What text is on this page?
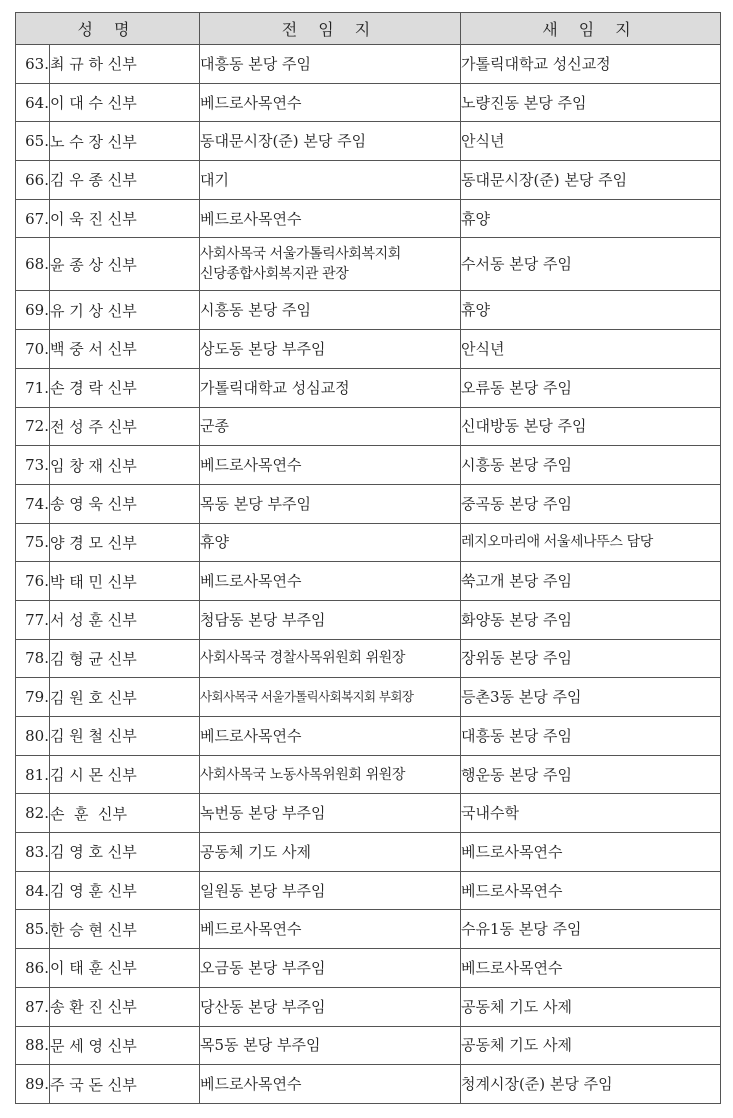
성 명		전 임 지	새 임 지
63.	최 규 하 신부	대흥동 본당 주임	가톨릭대학교 성신교정
64.	이 대 수 신부	베드로사목연수	노량진동 본당 주임
65.	노 수 장 신부	동대문시장(준) 본당 주임	안식년
66.	김 우 종 신부	대기	동대문시장(준) 본당 주임
67.	이 욱 진 신부	베드로사목연수	휴양
68.	윤 종 상 신부	사회사목국 서울가톨릭사회복지회
신당종합사회복지관 관장	수서동 본당 주임
69.	유 기 상 신부	시흥동 본당 주임	휴양
70.	백 중 서 신부	상도동 본당 부주임	안식년
71.	손 경 락 신부	가톨릭대학교 성심교정	오류동 본당 주임
72.	전 성 주 신부	군종	신대방동 본당 주임
73.	임 창 재 신부	베드로사목연수	시흥동 본당 주임
74.	송 영 욱 신부	목동 본당 부주임	중곡동 본당 주임
75.	양 경 모 신부	휴양	레지오마리애 서울세나뚜스 담당
76.	박 태 민 신부	베드로사목연수	쑥고개 본당 주임
77.	서 성 훈 신부	청담동 본당 부주임	화양동 본당 주임
78.	김 형 균 신부	사회사목국 경찰사목위원회 위원장	장위동 본당 주임
79.	김 원 호 신부	사회사목국 서울가톨릭사회복지회 부회장	등촌3동 본당 주임
80.	김 원 철 신부	베드로사목연수	대흥동 본당 주임
81.	김 시 몬 신부	사회사목국 노동사목위원회 위원장	행운동 본당 주임
82.	손  훈  신부	녹번동 본당 부주임	국내수학
83.	김 영 호 신부	공동체 기도 사제	베드로사목연수
84.	김 영 훈 신부	일원동 본당 부주임	베드로사목연수
85.	한 승 현 신부	베드로사목연수	수유1동 본당 주임
86.	이 태 훈 신부	오금동 본당 부주임	베드로사목연수
87.	송 환 진 신부	당산동 본당 부주임	공동체 기도 사제
88.	문 세 영 신부	목5동 본당 부주임	공동체 기도 사제
89.	주 국 돈 신부	베드로사목연수	청계시장(준) 본당 주임
